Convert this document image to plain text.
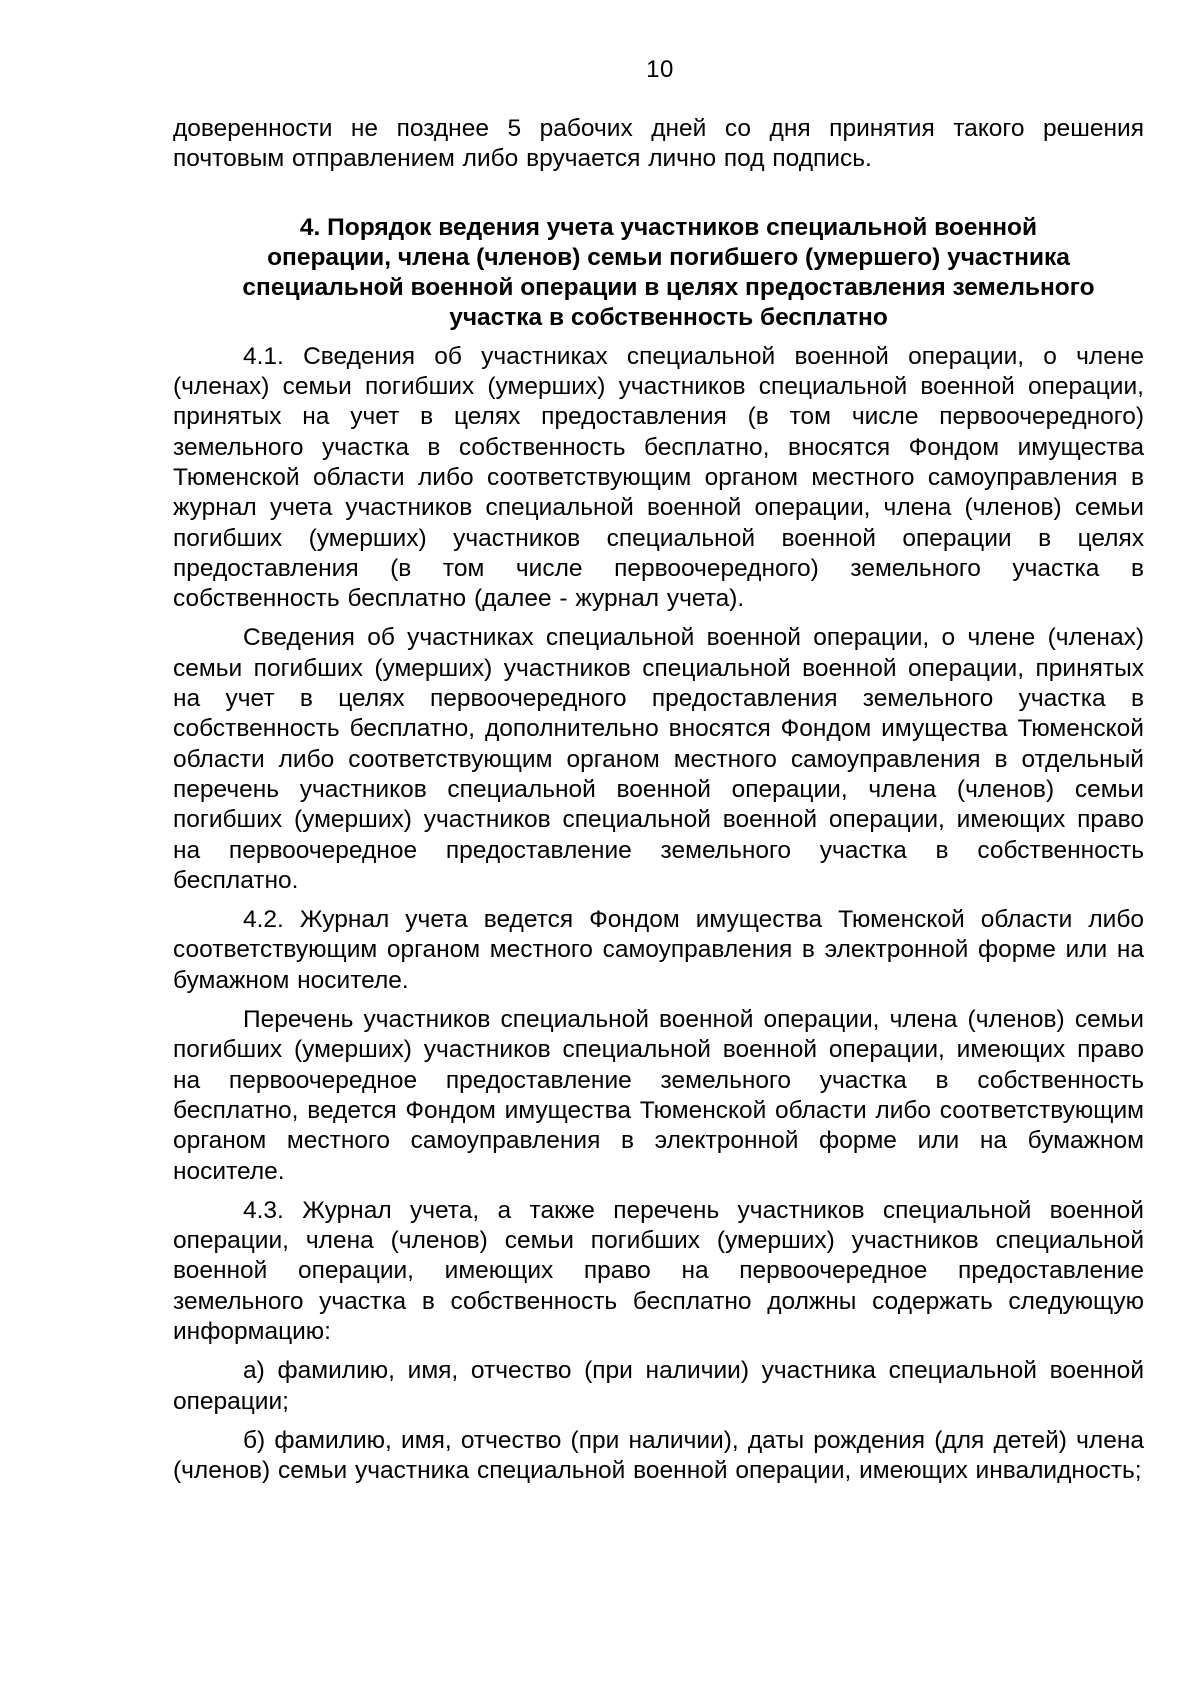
10

доверенности не позднее 5 рабочих дней со дня принятия такого решения почтовым отправлением либо вручается лично под подпись.

4. Порядок ведения учета участников специальной военной
операции, члена (членов) семьи погибшего (умершего) участника
специальной военной операции в целях предоставления земельного
участка в собственность бесплатно

4.1. Сведения об участниках специальной военной операции, о члене (членах) семьи погибших (умерших) участников специальной военной операции, принятых на учет в целях предоставления (в том числе первоочередного) земельного участка в собственность бесплатно, вносятся Фондом имущества Тюменской области либо соответствующим органом местного самоуправления в журнал учета участников специальной военной операции, члена (членов) семьи погибших (умерших) участников специальной военной операции в целях предоставления (в том числе первоочередного) земельного участка в собственность бесплатно (далее - журнал учета).

Сведения об участниках специальной военной операции, о члене (членах) семьи погибших (умерших) участников специальной военной операции, принятых на учет в целях первоочередного предоставления земельного участка в собственность бесплатно, дополнительно вносятся Фондом имущества Тюменской области либо соответствующим органом местного самоуправления в отдельный перечень участников специальной военной операции, члена (членов) семьи погибших (умерших) участников специальной военной операции, имеющих право на первоочередное предоставление земельного участка в собственность бесплатно.

4.2. Журнал учета ведется Фондом имущества Тюменской области либо соответствующим органом местного самоуправления в электронной форме или на бумажном носителе.

Перечень участников специальной военной операции, члена (членов) семьи погибших (умерших) участников специальной военной операции, имеющих право на первоочередное предоставление земельного участка в собственность бесплатно, ведется Фондом имущества Тюменской области либо соответствующим органом местного самоуправления в электронной форме или на бумажном носителе.

4.3. Журнал учета, а также перечень участников специальной военной операции, члена (членов) семьи погибших (умерших) участников специальной военной операции, имеющих право на первоочередное предоставление земельного участка в собственность бесплатно должны содержать следующую информацию:

а) фамилию, имя, отчество (при наличии) участника специальной военной операции;

б) фамилию, имя, отчество (при наличии), даты рождения (для детей) члена (членов) семьи участника специальной военной операции, имеющих инвалидность;
